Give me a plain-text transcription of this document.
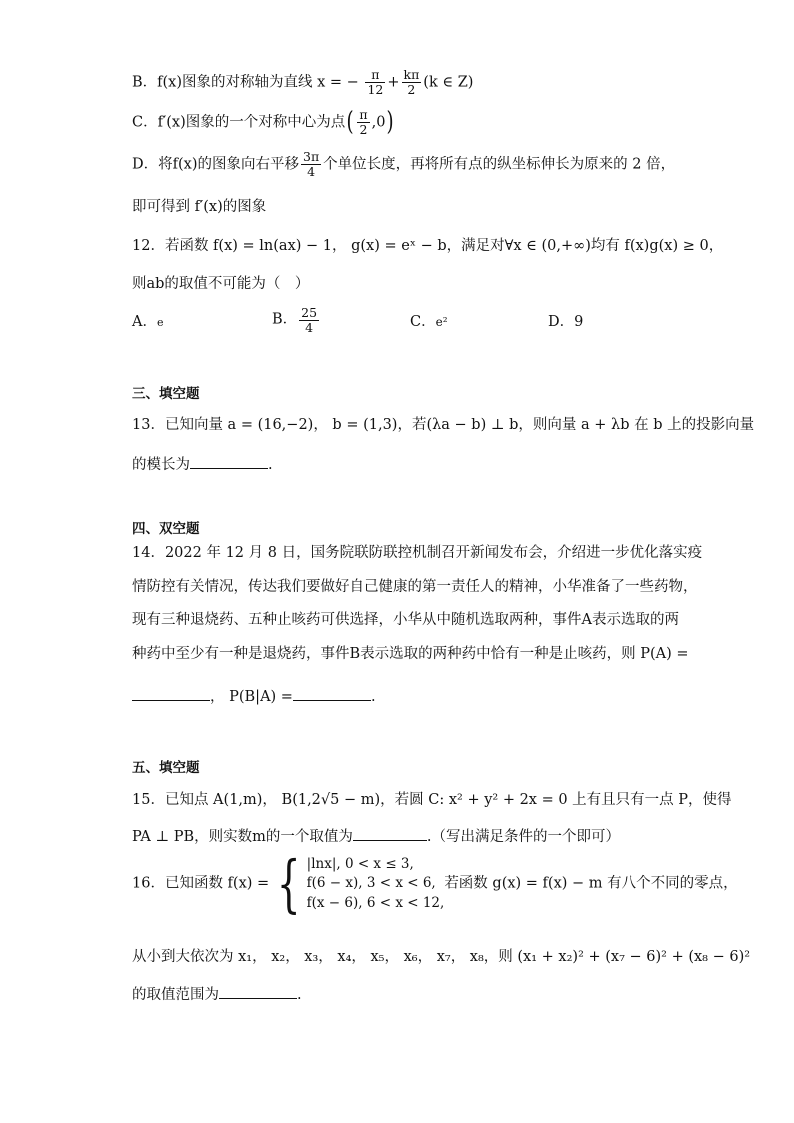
B．f(x)图象的对称轴为直线 x = − $\frac{\pi}{12} + \frac{k\pi}{2} (k$ ∈ Z)
C．f′(x)图象的一个对称中心为点( $\frac{\pi}{2} ,0$)
D．将f(x)的图象向右平移 $\frac{3\pi}{4}$ 个单位长度，再将所有点的纵坐标伸长为原来的 2 倍，
即可得到 f′(x)的图象
12．若函数 f(x) = ln(ax) − 1， g(x) = eˣ − b，满足对∀x ∈ (0,+∞)均有 f(x)g(x) ≥ 0，
则ab的取值不可能为（　）
A．e	B． $\frac{25}{4}$	C．e²	D．9
三、填空题
13．已知向量 a = (16,−2)， b = (1,3)，若(λa − b) ⊥ b，则向量 a + λb 在 b 上的投影向量
的模长为	.
四、双空题
14．2022 年 12 月 8 日，国务院联防联控机制召开新闻发布会，介绍进一步优化落实疫
情防控有关情况，传达我们要做好自己健康的第一责任人的精神，小华准备了一些药物，
现有三种退烧药、五种止咳药可供选择，小华从中随机选取两种，事件A表示选取的两
种药中至少有一种是退烧药，事件B表示选取的两种药中恰有一种是止咳药，则 P(A) =
， P(B|A) =	.
五、填空题
15．已知点 A(1,m)， B(1,2√5 − m)，若圆 C: x² + y² + 2x = 0 上有且只有一点 P，使得
PA ⊥ PB，则实数m的一个取值为	.（写出满足条件的一个即可）
16．已知函数 f(x) = { |lnx|, 0 < x ≤ 3,
f(6 − x), 3 < x < 6,
f(x − 6), 6 < x < 12,
若函数 g(x) = f(x) − m 有八个不同的零点，
从小到大依次为 x₁， x₂， x₃， x₄， x₅， x₆， x₇， x₈，则 (x₁ + x₂)² + (x₇ − 6)² + (x₈ − 6)²
的取值范围为	.
